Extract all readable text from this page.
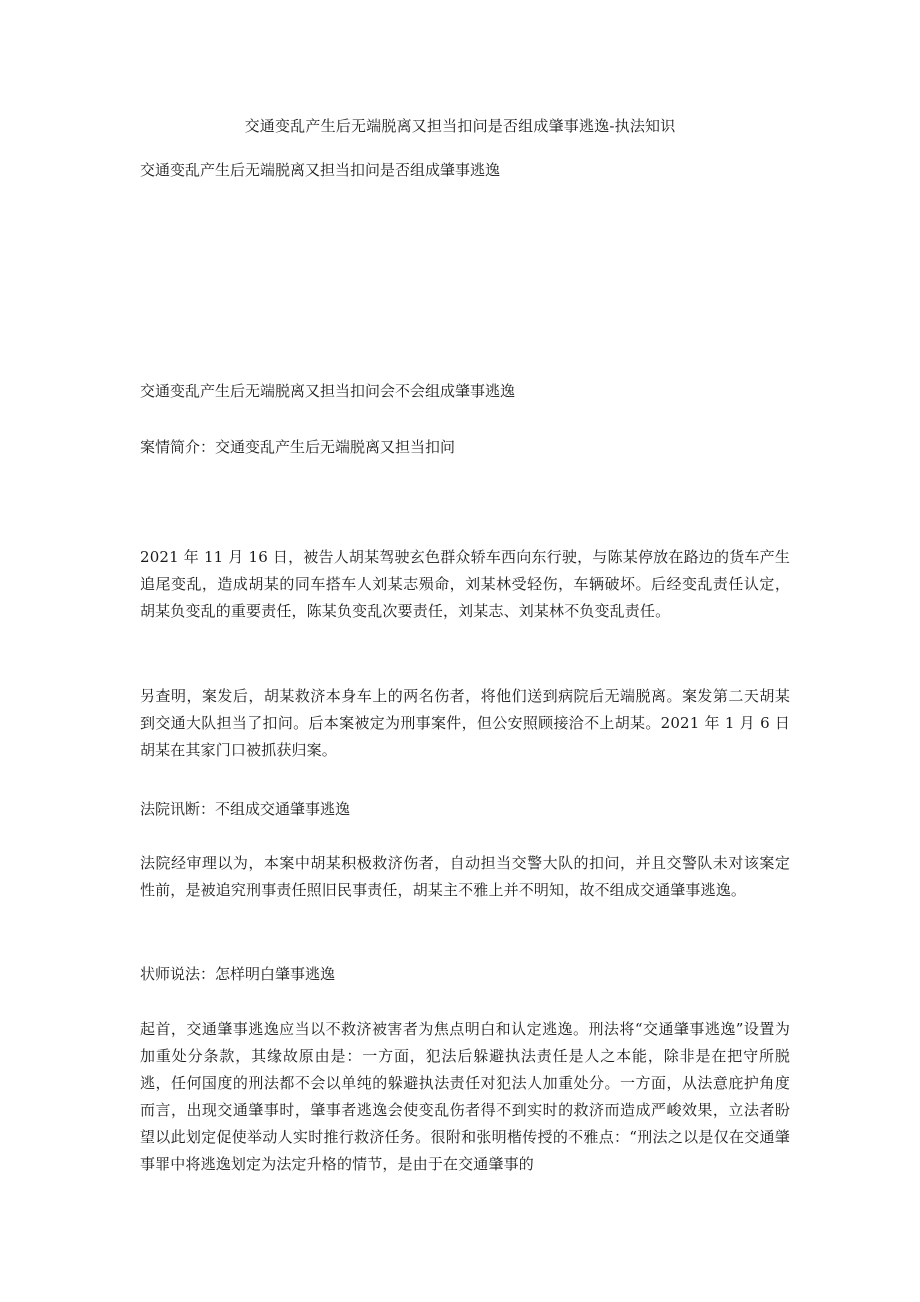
交通变乱产生后无端脱离又担当扣问是否组成肇事逃逸-执法知识
交通变乱产生后无端脱离又担当扣问是否组成肇事逃逸
交通变乱产生后无端脱离又担当扣问会不会组成肇事逃逸
案情简介：交通变乱产生后无端脱离又担当扣问
2021 年 11 月 16 日，被告人胡某驾驶玄色群众轿车西向东行驶，与陈某停放在路边的货车产生追尾变乱，造成胡某的同车搭车人刘某志殒命，刘某林受轻伤，车辆破坏。后经变乱责任认定，胡某负变乱的重要责任，陈某负变乱次要责任，刘某志、刘某林不负变乱责任。
另查明，案发后，胡某救济本身车上的两名伤者，将他们送到病院后无端脱离。案发第二天胡某到交通大队担当了扣问。后本案被定为刑事案件，但公安照顾接洽不上胡某。2021 年 1 月 6 日胡某在其家门口被抓获归案。
法院讯断：不组成交通肇事逃逸
法院经审理以为，本案中胡某积极救济伤者，自动担当交警大队的扣问，并且交警队未对该案定性前，是被追究刑事责任照旧民事责任，胡某主不雅上并不明知，故不组成交通肇事逃逸。
状师说法：怎样明白肇事逃逸
起首，交通肇事逃逸应当以不救济被害者为焦点明白和认定逃逸。刑法将“交通肇事逃逸”设置为加重处分条款，其缘故原由是：一方面，犯法后躲避执法责任是人之本能，除非是在把守所脱逃，任何国度的刑法都不会以单纯的躲避执法责任对犯法人加重处分。一方面，从法意庇护角度而言，出现交通肇事时，肇事者逃逸会使变乱伤者得不到实时的救济而造成严峻效果，立法者盼望以此划定促使举动人实时推行救济任务。很附和张明楷传授的不雅点：“刑法之以是仅在交通肇事罪中将逃逸划定为法定升格的情节，是由于在交通肇事的
